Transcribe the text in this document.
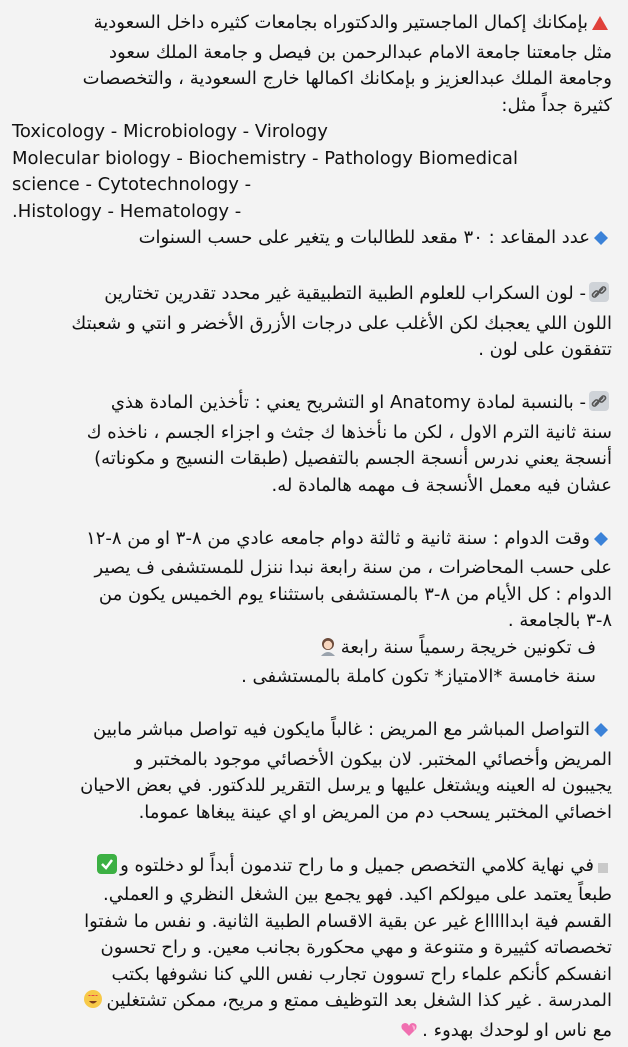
بإمكانك إكمال الماجستير والدكتوراه بجامعات كثيره داخل السعودية
مثل جامعتنا جامعة الامام عبدالرحمن بن فيصل و جامعة الملك سعود
وجامعة الملك عبدالعزيز و بإمكانك اكمالها خارج السعودية ، والتخصصات
كثيرة جداً مثل:
Toxicology - Microbiology - Virology
Molecular biology - Biochemistry - Pathology Biomedical
science - Cytotechnology -
.Histology - Hematology -
عدد المقاعد : ٣٠ مقعد للطالبات و يتغير على حسب السنوات
- لون السكراب للعلوم الطبية التطبيقية غير محدد تقدرين تختارين
اللون اللي يعجبك لكن الأغلب على درجات الأزرق الأخضر و انتي و شعبتك
تتفقون على لون .
- بالنسبة لمادة Anatomy او التشريح يعني : تأخذين المادة هذي
سنة ثانية الترم الاول ، لكن ما نأخذها ك جثث و اجزاء الجسم ، ناخذه ك
أنسجة يعني ندرس أنسجة الجسم بالتفصيل (طبقات النسيج و مكوناته)
عشان فيه معمل الأنسجة ف مهمه هالمادة له.
وقت الدوام : سنة ثانية و ثالثة دوام جامعه عادي من ٨-٣ او من ٨-١٢
على حسب المحاضرات ، من سنة رابعة نبدا ننزل للمستشفى ف يصير
الدوام : كل الأيام من ٨-٣ بالمستشفى باستثناء يوم الخميس يكون من
٨-٣ بالجامعة .
ف تكونين خريجة رسمياً سنة رابعة
سنة خامسة *الامتياز* تكون كاملة بالمستشفى .
التواصل المباشر مع المريض : غالباً مايكون فيه تواصل مباشر مابين
المريض وأخصائي المختبر. لان بيكون الأخصائي موجود بالمختبر و
يجيبون له العينه ويشتغل عليها و يرسل التقرير للدكتور. في بعض الاحيان
اخصائي المختبر يسحب دم من المريض او اي عينة يبغاها عموما.
في نهاية كلامي التخصص جميل و ما راح تندمون أبداً لو دخلتوه و
طبعاً يعتمد على ميولكم اكيد. فهو يجمع بين الشغل النظري و العملي.
القسم فية ابداااااع غير عن بقية الاقسام الطبية الثانية. و نفس ما شفتوا
تخصصاته كثييرة و متنوعة و مهي محكورة بجانب معين. و راح تحسون
انفسكم كأنكم علماء راح تسوون تجارب نفس اللي كنا نشوفها بكتب
المدرسة . غير كذا الشغل بعد التوظيف ممتع و مريح، ممكن تشتغلين
مع ناس او لوحدك بهدوء .
